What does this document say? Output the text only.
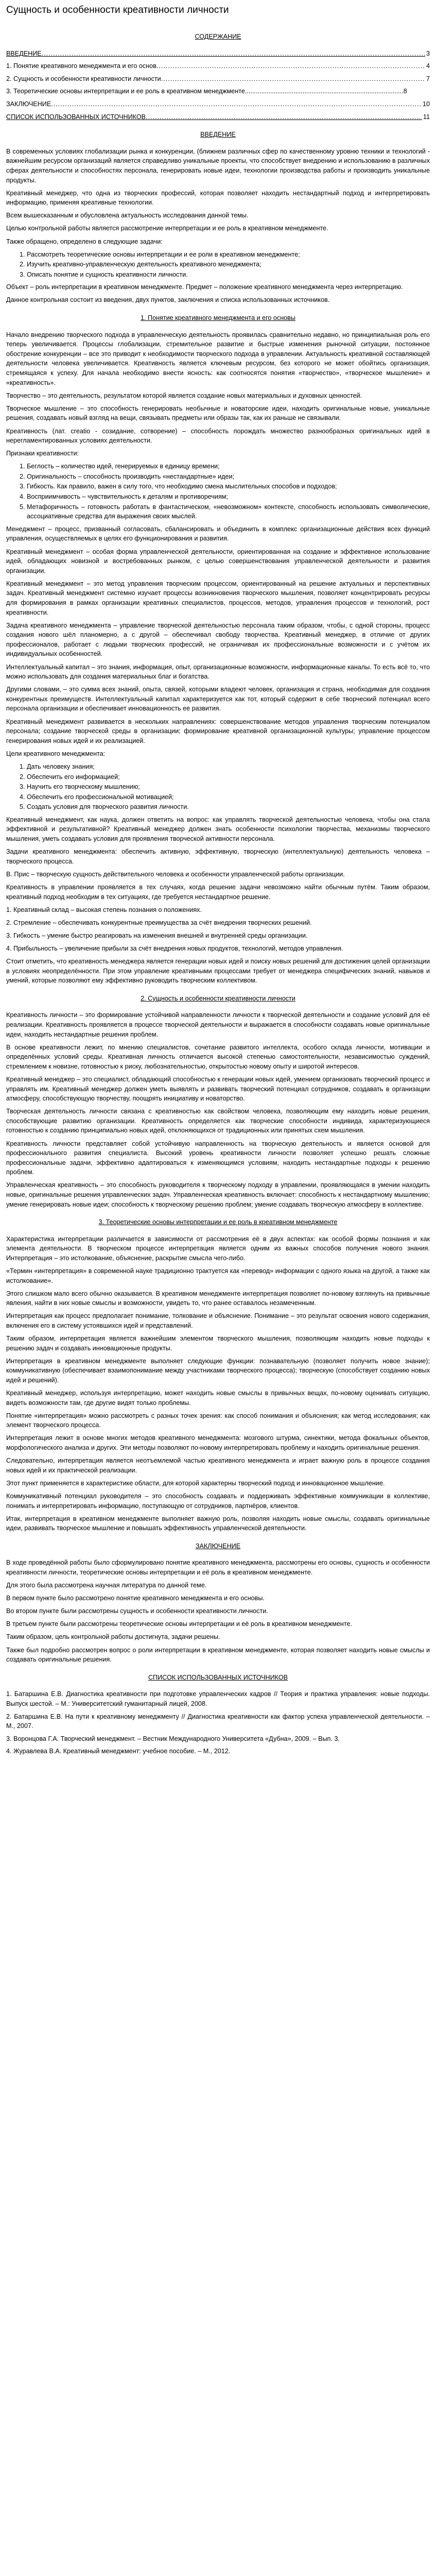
Сущность и особенности креативности личности
СОДЕРЖАНИЕ
ВВЕДЕНИЕ .....	3
1. Понятие креативного менеджмента и его основ .....	4
2. Сущность и особенности креативности личности .....	7
3. Теоретические основы интерпретации и ее роль в креативном менеджменте........................................................................................8
ЗАКЛЮЧЕНИЕ .....	10
СПИСОК ИСПОЛЬЗОВАННЫХ ИСТОЧНИКОВ .....	11
ВВЕДЕНИЕ

В современных условиях глобализации рынка и конкуренции, (ближнем различных сфер по качественному уровню техники и технологий - важнейшим ресурсом организаций является справедливо уникальные проекты, что способствует внедрению и использованию в различных сферах деятельности и способностях персонала, генерировать новые идеи, технологии производства работы и производить уникальные продукты.

Креативный менеджер, что одна из творческих профессий, которая позволяет находить нестандартный подход и интерпретировать информацию, применяя креативные технологии.

Всем вышесказанным и обусловлена актуальность исследования данной темы.

Целью контрольной работы является рассмотрение интерпретации и ее роль в креативном менеджменте.

Также обращено, определено в следующие задачи:

1. Рассмотреть теоретические основы интерпретации и ее роли в креативном менеджменте;
2. Изучить креативно-управленческую деятельность креативного менеджмента;
3. Описать понятие и сущность креативности личности.

Объект – роль интерпретации в креативном менеджменте. Предмет – положение креативного менеджмента через интерпретацию.

Данное контрольная состоит из введения, двух пунктов, заключения и списка использованных источников.

1. Понятие креативного менеджмента и его основы

Начало внедрению творческого подхода в управленческую деятельность проявилась сравнительно недавно, но принципиальная роль его теперь увеличивается. Процессы глобализации, стремительное развитие и быстрые изменения рыночной ситуации, постоянное обострение конкуренции – все это приводит к необходимости творческого подхода в управлении. Актуальность креативной составляющей деятельности человека увеличивается. Креативность является ключевым ресурсом, без которого не может обойтись организация, стремящаяся к успеху. Для начала необходимо внести ясность: как соотносятся понятия «творчество», «творческое мышление» и «креативность».

Творчество – это деятельность, результатом которой является создание новых материальных и духовных ценностей.

Творческое мышление – это способность генерировать необычные и новаторские идеи, находить оригинальные новые, уникальные решения, создавать новый взгляд на вещи, связывать предметы или образы так, как их раньше не связывали.

Креативность (лат. creatio - созидание, сотворение) – способность порождать множество разнообразных оригинальных идей в нерегламентированных условиях деятельности.

Признаки креативности:

1. Беглость – количество идей, генерируемых в единицу времени;
2. Оригинальность – способность производить «нестандартные» идеи;
3. Гибкость. Как правило, важен в силу того, что необходимо смена мыслительных способов и подходов;
4. Восприимчивость – чувствительность к деталям и противоречиям;
5. Метафоричность – готовность работать в фантастическом, «невозможном» контексте, способность использовать символические, ассоциативные средства для выражения своих мыслей.

Менеджмент – процесс, призванный согласовать, сбалансировать и объединить в комплекс организационные действия всех функций управления, осуществляемых в целях его функционирования и развития.

Креативный менеджмент – особая форма управленческой деятельности, ориентированная на создание и эффективное использование идей, обладающих новизной и востребованных рынком, с целью совершенствования управленческой деятельности и развития организации.

Креативный менеджмент – это метод управления творческим процессом, ориентированный на решение актуальных и перспективных задач. Креативный менеджмент системно изучает процессы возникновения творческого мышления, позволяет концентрировать ресурсы для формирования в рамках организации креативных специалистов, процессов, методов, управления процессов и технологий, рост креативности.

Задача креативного менеджмента – управление творческой деятельностью персонала таким образом, чтобы, с одной стороны, процесс создания нового шёл планомерно, а с другой – обеспечивал свободу творчества. Креативный менеджер, в отличие от других профессионалов, работает с людьми творческих профессий, не ограничивая их профессиональные возможности и с учётом их индивидуальных особенностей.

Интеллектуальный капитал – это знания, информация, опыт, организационные возможности, информационные каналы. То есть всё то, что можно использовать для создания материальных благ и богатства.

Другими словами, – это сумма всех знаний, опыта, связей, которыми владеют человек, организация и страна, необходимая для создания конкурентных преимуществ. Интеллектуальный капитал характеризуется как тот, который содержит в себе творческий потенциал всего персонала организации и обеспечивает инновационность ее развития.

Креативный менеджмент развивается в нескольких направлениях: совершенствование методов управления творческим потенциалом персонала; создание творческой среды в организации; формирование креативной организационной культуры; управление процессом генерирования новых идей и их реализацией.

Цели креативного менеджмента:

1. Дать человеку знания;
2. Обеспечить его информацией;
3. Научить его творческому мышлению;
4. Обеспечить его профессиональной мотивацией;
5. Создать условия для творческого развития личности.

Креативный менеджмент, как наука, должен ответить на вопрос: как управлять творческой деятельностью человека, чтобы она стала эффективной и результативной? Креативный менеджер должен знать особенности психологии творчества, механизмы творческого мышления, уметь создавать условия для проявления творческой активности персонала.

Задачи креативного менеджмента: обеспечить активную, эффективную, творческую (интеллектуальную) деятельность человека – творческого процесса.

В. Прис – творческую сущность действительного человека и особенности управленческой работы организации.

Креативность в управлении проявляется в тех случаях, когда решение задачи невозможно найти обычным путём. Таким образом, креативный подход необходим в тех ситуациях, где требуется нестандартное решение.

1. Креативный склад – высокая степень познания о положениях.

2. Стремление – обеспечивать конкурентные преимущества за счёт внедрения творческих решений.

3. Гибкость – умение быстро реагировать на изменения внешней и внутренней среды организации.

4. Прибыльность – увеличение прибыли за счёт внедрения новых продуктов, технологий, методов управления.

Стоит отметить, что креативность менеджера является генерации новых идей и поиску новых решений для достижения целей организации в условиях неопределённости. При этом управление креативными процессами требует от менеджера специфических знаний, навыков и умений, которые позволяют ему эффективно руководить творческим коллективом.

2. Сущность и особенности креативности личности

Креативность личности – это формирование устойчивой направленности личности к творческой деятельности и создание условий для её реализации. Креативность проявляется в процессе творческой деятельности и выражается в способности создавать новые оригинальные идеи, находить нестандартные решения проблем.

В основе креативности лежит, по мнению специалистов, сочетание развитого интеллекта, особого склада личности, мотивации и определённых условий среды. Креативная личность отличается высокой степенью самостоятельности, независимостью суждений, стремлением к новизне, готовностью к риску, любознательностью, открытостью новому опыту и широтой интересов.

Креативный менеджер – это специалист, обладающий способностью к генерации новых идей, умением организовать творческий процесс и управлять им. Креативный менеджер должен уметь выявлять и развивать творческий потенциал сотрудников, создавать в организации атмосферу, способствующую творчеству, поощрять инициативу и новаторство.

Творческая деятельность личности связана с креативностью как свойством человека, позволяющим ему находить новые решения, способствующие развитию организации. Креативность определяется как творческие способности индивида, характеризующиеся готовностью к созданию принципиально новых идей, отклоняющихся от традиционных или принятых схем мышления.

Креативность личности представляет собой устойчивую направленность на творческую деятельность и является основой для профессионального развития специалиста. Высокий уровень креативности личности позволяет успешно решать сложные профессиональные задачи, эффективно адаптироваться к изменяющимся условиям, находить нестандартные подходы к решению проблем.

Управленческая креативность – это способность руководителя к творческому подходу в управлении, проявляющаяся в умении находить новые, оригинальные решения управленческих задач. Управленческая креативность включает: способность к нестандартному мышлению; умение генерировать новые идеи; способность к творческому решению проблем; умение создавать творческую атмосферу в коллективе.

3. Теоретические основы интерпретации и ее роль в креативном менеджменте

Характеристика интерпретации различается в зависимости от рассмотрения её в двух аспектах: как особой формы познания и как элемента деятельности. В творческом процессе интерпретация является одним из важных способов получения нового знания. Интерпретация – это истолкование, объяснение, раскрытие смысла чего-либо.

«Термин «интерпретация» в современной науке традиционно трактуется как «перевод» информации с одного языка на другой, а также как истолкование».

Этого слишком мало всего обычно оказывается. В креативном менеджменте интерпретация позволяет по-новому взглянуть на привычные явления, найти в них новые смыслы и возможности, увидеть то, что ранее оставалось незамеченным.

Интерпретация как процесс предполагает понимание, толкование и объяснение. Понимание – это результат освоения нового содержания, включения его в систему устоявшихся идей и представлений.

Таким образом, интерпретация является важнейшим элементом творческого мышления, позволяющим находить новые подходы к решению задач и создавать инновационные продукты.

Интерпретация в креативном менеджменте выполняет следующие функции: познавательную (позволяет получить новое знание); коммуникативную (обеспечивает взаимопонимание между участниками творческого процесса); творческую (способствует созданию новых идей и решений).

Креативный менеджер, используя интерпретацию, может находить новые смыслы в привычных вещах, по-новому оценивать ситуацию, видеть возможности там, где другие видят только проблемы.

Понятие «интерпретация» можно рассмотреть с разных точек зрения: как способ понимания и объяснения; как метод исследования; как элемент творческого процесса.

Интерпретация лежит в основе многих методов креативного менеджмента: мозгового штурма, синектики, метода фокальных объектов, морфологического анализа и других. Эти методы позволяют по-новому интерпретировать проблему и находить оригинальные решения.

Следовательно, интерпретация является неотъемлемой частью креативного менеджмента и играет важную роль в процессе создания новых идей и их практической реализации.

Этот пункт применяется в характеристике области, для которой характерны творческий подход и инновационное мышление.

Коммуникативный потенциал руководителя – это способность создавать и поддерживать эффективные коммуникации в коллективе, понимать и интерпретировать информацию, поступающую от сотрудников, партнёров, клиентов.

Итак, интерпретация в креативном менеджменте выполняет важную роль, позволяя находить новые смыслы, создавать оригинальные идеи, развивать творческое мышление и повышать эффективность управленческой деятельности.

ЗАКЛЮЧЕНИЕ

В ходе проведённой работы было сформулировано понятие креативного менеджмента, рассмотрены его основы, сущность и особенности креативности личности, теоретические основы интерпретации и её роль в креативном менеджменте.

Для этого была рассмотрена научная литература по данной теме.

В первом пункте было рассмотрено понятие креативного менеджмента и его основы.

Во втором пункте были рассмотрены сущность и особенности креативности личности.

В третьем пункте были рассмотрены теоретические основы интерпретации и её роль в креативном менеджменте.

Таким образом, цель контрольной работы достигнута, задачи решены.

Также был подробно рассмотрен вопрос о роли интерпретации в креативном менеджменте, которая позволяет находить новые смыслы и создавать оригинальные решения.

СПИСОК ИСПОЛЬЗОВАННЫХ ИСТОЧНИКОВ
1. Батаршина Е.В. Диагностика креативности при подготовке управленческих кадров // Теория и практика управления: новые подходы. Выпуск шестой. – М.: Университетский гуманитарный лицей, 2008.
2. Батаршина Е.В. На пути к креативному менеджменту // Диагностика креативности как фактор успеха управленческой деятельности. – М., 2007.
3. Воронцова Г.А. Творческий менеджмент. – Вестник Международного Университета «Дубна», 2009. – Вып. 3.
4. Журавлева В.А. Креативный менеджмент: учебное пособие. – М., 2012.
